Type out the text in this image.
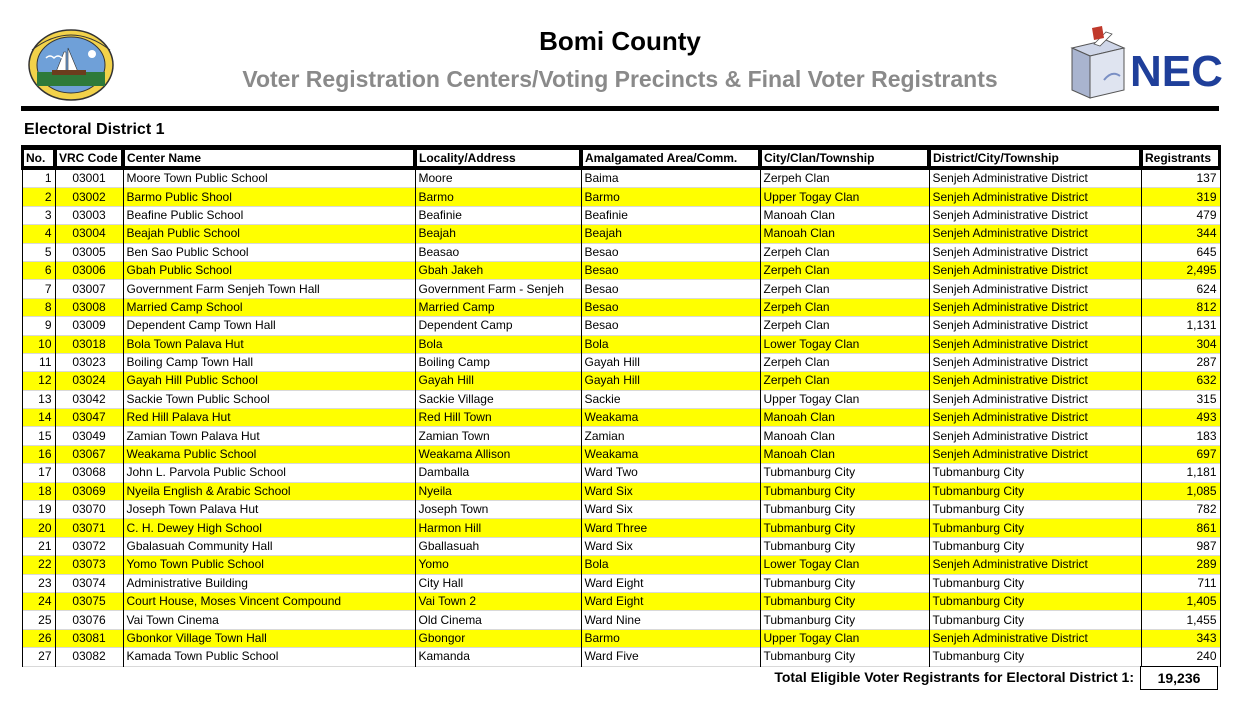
Bomi County
Voter Registration Centers/Voting Precincts & Final Voter Registrants	NEC
Electoral District 1
No.	VRC Code	Center Name	Locality/Address	Amalgamated Area/Comm.	City/Clan/Township	District/City/Township	Registrants

1	03001	Moore Town Public School	Moore	Baima	Zerpeh Clan	Senjeh Administrative District	137
2	03002	Barmo Public Shool	Barmo	Barmo	Upper Togay Clan	Senjeh Administrative District	319
3	03003	Beafine Public School	Beafinie	Beafinie	Manoah Clan	Senjeh Administrative District	479
4	03004	Beajah Public School	Beajah	Beajah	Manoah Clan	Senjeh Administrative District	344
5	03005	Ben Sao Public School	Beasao	Besao	Zerpeh Clan	Senjeh Administrative District	645
6	03006	Gbah Public School	Gbah Jakeh	Besao	Zerpeh Clan	Senjeh Administrative District	2,495
7	03007	Government Farm Senjeh Town Hall	Government Farm - Senjeh	Besao	Zerpeh Clan	Senjeh Administrative District	624
8	03008	Married Camp School	Married Camp	Besao	Zerpeh Clan	Senjeh Administrative District	812
9	03009	Dependent Camp Town Hall	Dependent Camp	Besao	Zerpeh Clan	Senjeh Administrative District	1,131
10	03018	Bola Town Palava Hut	Bola	Bola	Lower Togay Clan	Senjeh Administrative District	304
11	03023	Boiling Camp Town Hall	Boiling Camp	Gayah Hill	Zerpeh Clan	Senjeh Administrative District	287
12	03024	Gayah Hill Public School	Gayah Hill	Gayah Hill	Zerpeh Clan	Senjeh Administrative District	632
13	03042	Sackie Town Public School	Sackie Village	Sackie	Upper Togay Clan	Senjeh Administrative District	315
14	03047	Red Hill Palava Hut	Red Hill Town	Weakama	Manoah Clan	Senjeh Administrative District	493
15	03049	Zamian Town Palava Hut	Zamian Town	Zamian	Manoah Clan	Senjeh Administrative District	183
16	03067	Weakama Public School	Weakama Allison	Weakama	Manoah Clan	Senjeh Administrative District	697
17	03068	John L. Parvola Public School	Damballa	Ward Two	Tubmanburg City	Tubmanburg City	1,181
18	03069	Nyeila English & Arabic School	Nyeila	Ward Six	Tubmanburg City	Tubmanburg City	1,085
19	03070	Joseph Town Palava Hut	Joseph Town	Ward Six	Tubmanburg City	Tubmanburg City	782
20	03071	C. H. Dewey High School	Harmon Hill	Ward Three	Tubmanburg City	Tubmanburg City	861
21	03072	Gbalasuah Community Hall	Gballasuah	Ward Six	Tubmanburg City	Tubmanburg City	987
22	03073	Yomo Town Public School	Yomo	Bola	Lower Togay Clan	Senjeh Administrative District	289
23	03074	Administrative Building	City Hall	Ward Eight	Tubmanburg City	Tubmanburg City	711
24	03075	Court House, Moses Vincent Compound	Vai Town 2	Ward Eight	Tubmanburg City	Tubmanburg City	1,405
25	03076	Vai Town Cinema	Old Cinema	Ward Nine	Tubmanburg City	Tubmanburg City	1,455
26	03081	Gbonkor Village Town Hall	Gbongor	Barmo	Upper Togay Clan	Senjeh Administrative District	343
27	03082	Kamada Town Public School	Kamanda	Ward Five	Tubmanburg City	Tubmanburg City	240
Total Eligible Voter Registrants for Electoral District 1:	19,236
